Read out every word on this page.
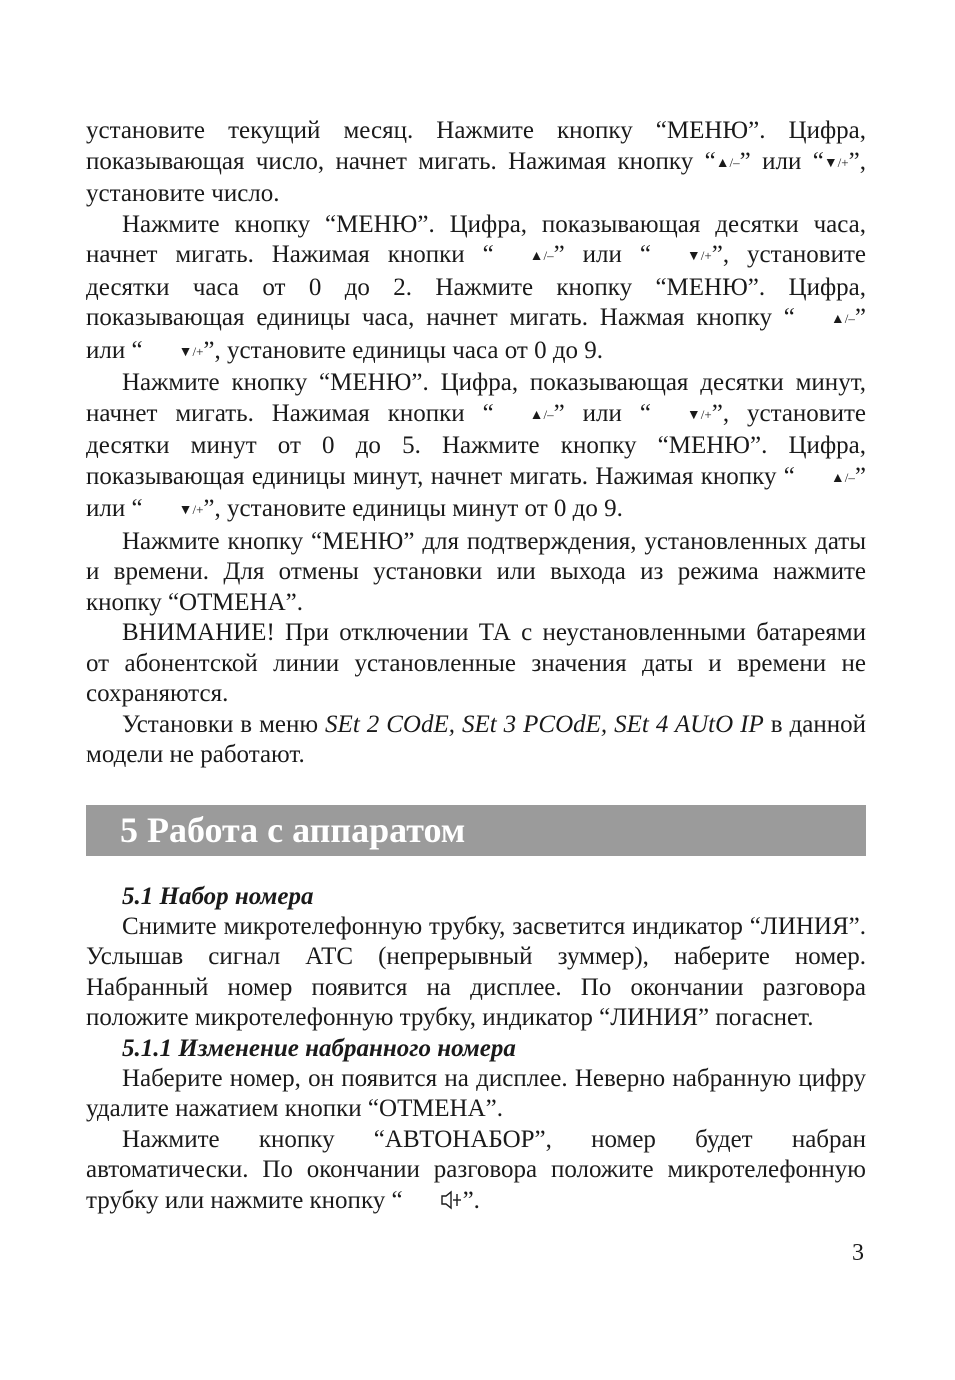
установите текущий месяц. Нажмите кнопку “МЕНЮ”. Цифра, показывающая число, начнет мигать. Нажимая кнопку “▲/–” или “▼/+”, установите число.

Нажмите кнопку “МЕНЮ”. Цифра, показывающая десятки часа, начнет мигать. Нажимая кнопки “	▲/–” или “	▼/+”, установите десятки часа от 0 до 2. Нажмите кнопку “МЕНЮ”. Цифра, показывающая единицы часа, начнет мигать. Нажмая кнопку “	▲/–” или “	▼/+”, установите единицы часа от 0 до 9.

Нажмите кнопку “МЕНЮ”. Цифра, показывающая десятки минут, начнет мигать. Нажимая кнопки “	▲/–” или “	▼/+”, установите десятки минут от 0 до 5. Нажмите кнопку “МЕНЮ”. Цифра, показывающая единицы минут, начнет мигать. Нажимая кнопку “	▲/–” или “	▼/+”, установите единицы минут от 0 до 9.

Нажмите кнопку “МЕНЮ” для подтверждения, установленных даты и времени. Для отмены установки или выхода из режима нажмите кнопку “ОТМЕНА”.

ВНИМАНИЕ! При отключении ТА с неустановленными батареями от абонентской линии установленные значения даты и времени не сохраняются.

Установки в меню SEt 2 COdE, SEt 3 PCOdE, SEt 4 AUtO IP в данной модели не работают.

5 Работа с аппаратом
5.1 Набор номера

Снимите микротелефонную трубку, засветится индикатор “ЛИНИЯ”. Услышав сигнал АТС (непрерывный зуммер), наберите номер. Набранный номер появится на дисплее. По окончании разговора положите микротелефонную трубку, индикатор “ЛИНИЯ” погаснет.

5.1.1 Изменение набранного номера

Наберите номер, он появится на дисплее. Неверно набранную цифру удалите нажатием кнопки “ОТМЕНА”.

Нажмите кнопку “АВТОНАБОР”, номер будет набран автоматически. По окончании разговора положите микротелефонную трубку или нажмите кнопку “ ”.

3
